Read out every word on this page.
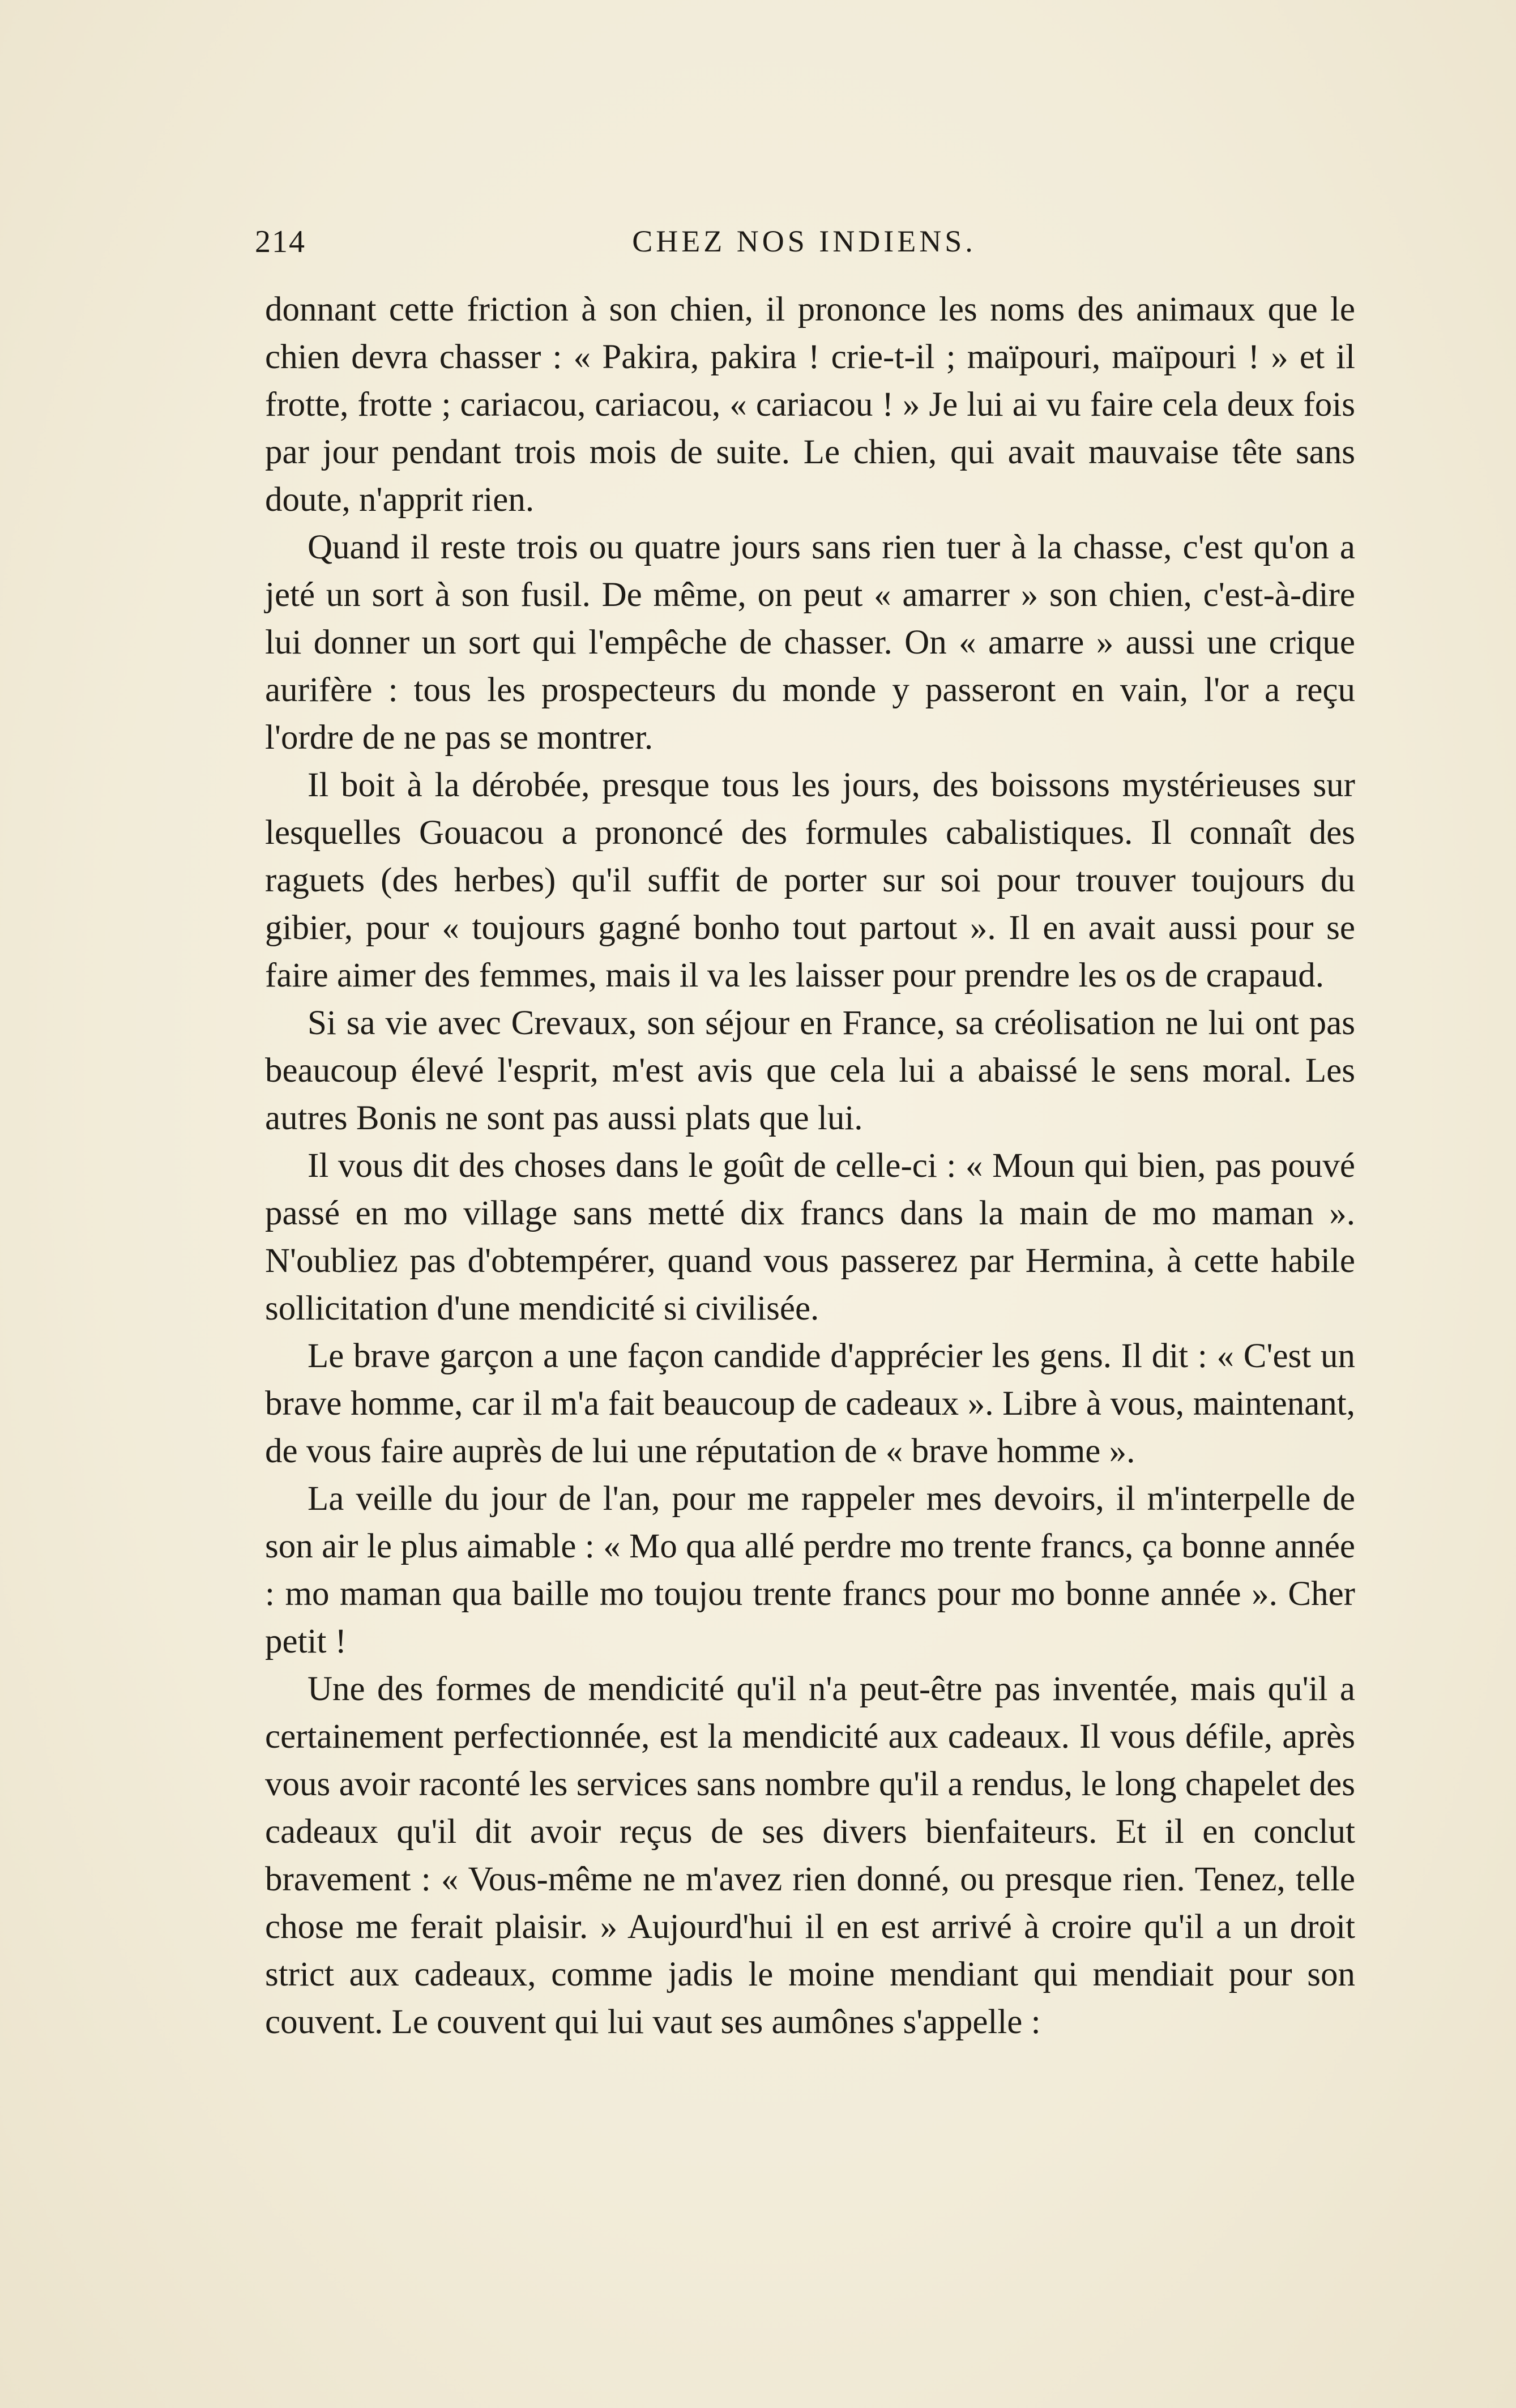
214	CHEZ NOS INDIENS.

donnant cette friction à son chien, il prononce les noms des animaux que le chien devra chasser : « Pakira, pakira ! crie-t-il ; maïpouri, maïpouri ! » et il frotte, frotte ; cariacou, cariacou, « cariacou ! » Je lui ai vu faire cela deux fois par jour pendant trois mois de suite. Le chien, qui avait mauvaise tête sans doute, n'apprit rien.

Quand il reste trois ou quatre jours sans rien tuer à la chasse, c'est qu'on a jeté un sort à son fusil. De même, on peut « amarrer » son chien, c'est-à-dire lui donner un sort qui l'empêche de chasser. On « amarre » aussi une crique aurifère : tous les prospecteurs du monde y passeront en vain, l'or a reçu l'ordre de ne pas se montrer.

Il boit à la dérobée, presque tous les jours, des boissons mystérieuses sur lesquelles Gouacou a prononcé des formules cabalistiques. Il connaît des raguets (des herbes) qu'il suffit de porter sur soi pour trouver toujours du gibier, pour « toujours gagné bonho tout partout ». Il en avait aussi pour se faire aimer des femmes, mais il va les laisser pour prendre les os de crapaud.

Si sa vie avec Crevaux, son séjour en France, sa créolisation ne lui ont pas beaucoup élevé l'esprit, m'est avis que cela lui a abaissé le sens moral. Les autres Bonis ne sont pas aussi plats que lui.

Il vous dit des choses dans le goût de celle-ci : « Moun qui bien, pas pouvé passé en mo village sans metté dix francs dans la main de mo maman ». N'oubliez pas d'obtempérer, quand vous passerez par Hermina, à cette habile sollicitation d'une mendicité si civilisée.

Le brave garçon a une façon candide d'apprécier les gens. Il dit : « C'est un brave homme, car il m'a fait beaucoup de cadeaux ». Libre à vous, maintenant, de vous faire auprès de lui une réputation de « brave homme ».

La veille du jour de l'an, pour me rappeler mes devoirs, il m'interpelle de son air le plus aimable : « Mo qua allé perdre mo trente francs, ça bonne année : mo maman qua baille mo toujou trente francs pour mo bonne année ». Cher petit !

Une des formes de mendicité qu'il n'a peut-être pas inventée, mais qu'il a certainement perfectionnée, est la mendicité aux cadeaux. Il vous défile, après vous avoir raconté les services sans nombre qu'il a rendus, le long chapelet des cadeaux qu'il dit avoir reçus de ses divers bienfaiteurs. Et il en conclut bravement : « Vous-même ne m'avez rien donné, ou presque rien. Tenez, telle chose me ferait plaisir. » Aujourd'hui il en est arrivé à croire qu'il a un droit strict aux cadeaux, comme jadis le moine mendiant qui mendiait pour son couvent. Le couvent qui lui vaut ses aumônes s'appelle :
